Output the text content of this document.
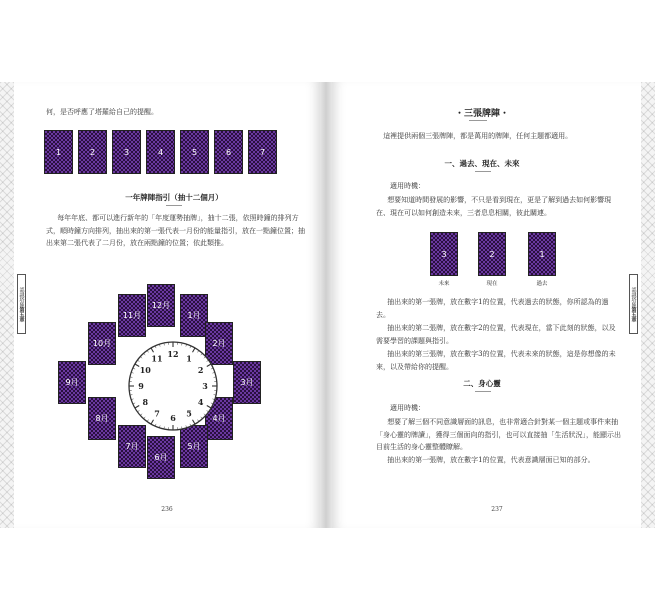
認識塔羅
第五章
何，是否呼應了塔羅給自己的提醒。
1	2	3	4	5	6	7
一年牌陣指引（抽十二個月）
每年年底、都可以進行新年的「年度運勢抽牌」，抽十二張，依照時鐘的排列方式，順時鐘方向排列，抽出來的第一張代表一月份的能量指引，放在一點鐘位置；抽出來第二張代表了二月份，放在兩點鐘的位置；依此類推。
12月
1月
11月
2月
10月
3月
9月
4月
8月
5月
7月
6月
12 1
2
3
4
5
6
7
8
9
10
11
236
認識塔羅
第五章
・三張牌陣・
這裡提供兩個三張牌陣，都是萬用的牌陣，任何主題都適用。
一、過去、現在、未來
適用時機：
想要知道時間發展的影響，不只是看到現在，更是了解到過去如何影響現在、現在可以如何創造未來，三者息息相關，彼此關連。
3
未來
2
現在
1
過去
抽出來的第一張牌，放在數字1的位置，代表過去的狀態，你所認為的過去。
抽出來的第二張牌，放在數字2的位置，代表現在，當下此刻的狀態，以及需要學習的課題與指引。
抽出來的第三張牌，放在數字3的位置，代表未來的狀態，這是你想像的未來，以及帶給你的提醒。
二、身心靈
適用時機：
想要了解三個不同意識層面的訊息，也非常適合針對某一個主題或事件來抽「身心靈的牌讀」，獲得三個面向的指引，也可以直接抽「生活狀況」，能顯示出目前生活的身心靈整體瞭解。
抽出來的第一張牌，放在數字1的位置，代表意識層面已知的部分。
237
